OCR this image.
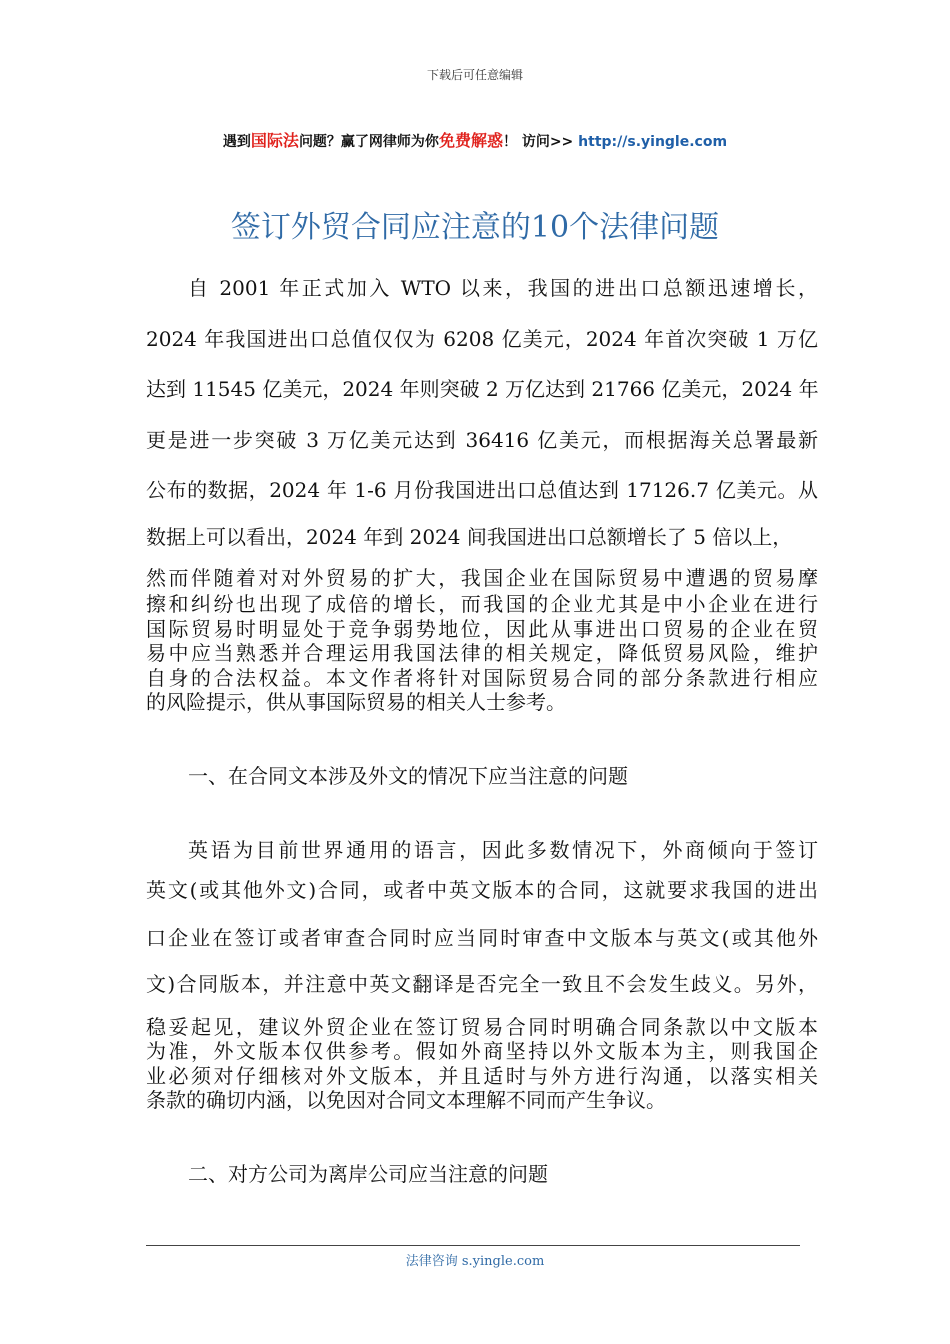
下载后可任意编辑
遇到国际法问题？赢了网律师为你免费解惑！ 访问>> http://s.yingle.com
签订外贸合同应注意的10个法律问题
自 2001 年正式加入 WTO 以来，我国的进出口总额迅速增长，
2024 年我国进出口总值仅仅为 6208 亿美元，2024 年首次突破 1 万亿
达到 11545 亿美元，2024 年则突破 2 万亿达到 21766 亿美元，2024 年
更是进一步突破 3 万亿美元达到 36416 亿美元，而根据海关总署最新
公布的数据，2024 年 1-6 月份我国进出口总值达到 17126.7 亿美元。从
数据上可以看出，2024 年到 2024 间我国进出口总额增长了 5 倍以上，
然而伴随着对对外贸易的扩大，我国企业在国际贸易中遭遇的贸易摩
擦和纠纷也出现了成倍的增长，而我国的企业尤其是中小企业在进行
国际贸易时明显处于竞争弱势地位，因此从事进出口贸易的企业在贸
易中应当熟悉并合理运用我国法律的相关规定，降低贸易风险，维护
自身的合法权益。本文作者将针对国际贸易合同的部分条款进行相应
的风险提示，供从事国际贸易的相关人士参考。
一、在合同文本涉及外文的情况下应当注意的问题
英语为目前世界通用的语言，因此多数情况下，外商倾向于签订
英文(或其他外文)合同，或者中英文版本的合同，这就要求我国的进出
口企业在签订或者审查合同时应当同时审查中文版本与英文(或其他外
文)合同版本，并注意中英文翻译是否完全一致且不会发生歧义。另外，
稳妥起见，建议外贸企业在签订贸易合同时明确合同条款以中文版本
为准，外文版本仅供参考。假如外商坚持以外文版本为主，则我国企
业必须对仔细核对外文版本，并且适时与外方进行沟通，以落实相关
条款的确切内涵，以免因对合同文本理解不同而产生争议。
二、对方公司为离岸公司应当注意的问题
法律咨询 s.yingle.com
